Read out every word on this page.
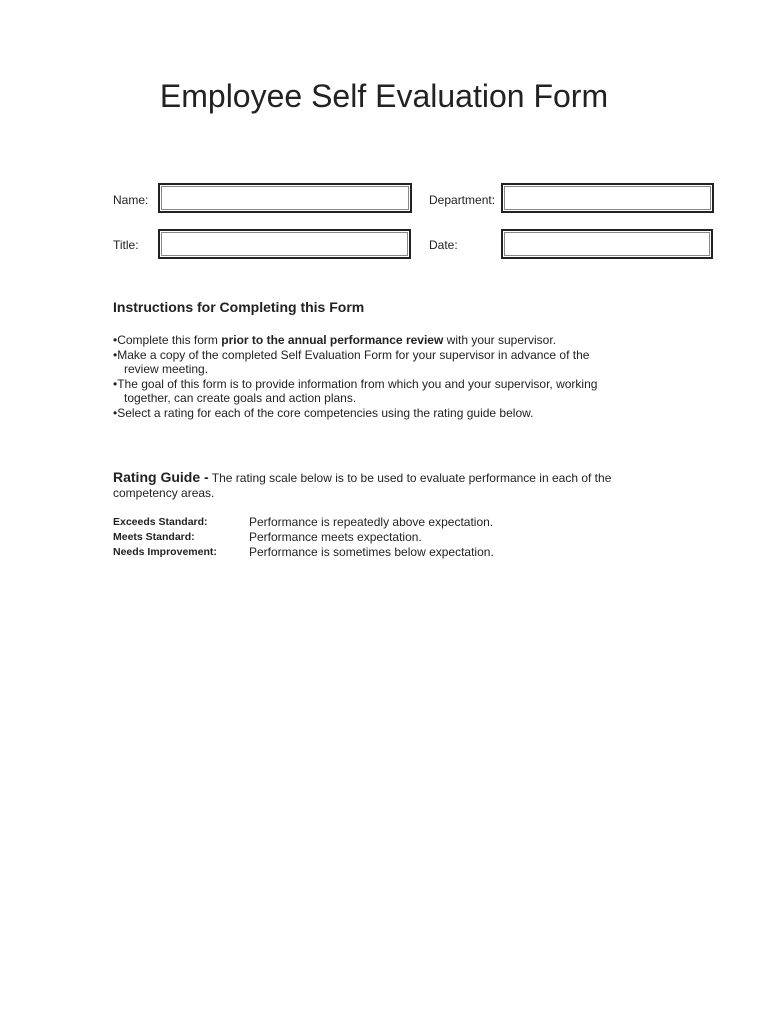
Employee Self Evaluation Form
Name:	Department:
Title:	Date:
Instructions for Completing this Form
•Complete this form prior to the annual performance review with your supervisor.
•Make a copy of the completed Self Evaluation Form for your supervisor in advance of the
review meeting.
•The goal of this form is to provide information from which you and your supervisor, working
together, can create goals and action plans.
•Select a rating for each of the core competencies using the rating guide below.
Rating Guide - The rating scale below is to be used to evaluate performance in each of the competency areas.
Exceeds Standard:	Performance is repeatedly above expectation.
Meets Standard:	Performance meets expectation.
Needs Improvement:	Performance is sometimes below expectation.
